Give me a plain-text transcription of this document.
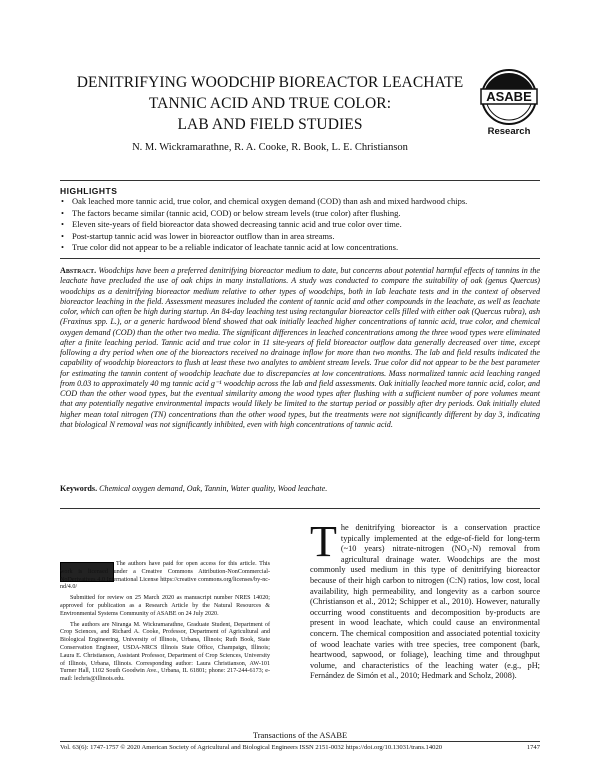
DENITRIFYING WOODCHIP BIOREACTOR LEACHATE
TANNIC ACID AND TRUE COLOR:
LAB AND FIELD STUDIES
ASABE
Research
N. M. Wickramarathne, R. A. Cooke, R. Book, L. E. Christianson
HIGHLIGHTS
• Oak leached more tannic acid, true color, and chemical oxygen demand (COD) than ash and mixed hardwood chips.
• The factors became similar (tannic acid, COD) or below stream levels (true color) after flushing.
• Eleven site-years of field bioreactor data showed decreasing tannic acid and true color over time.
• Post-startup tannic acid was lower in bioreactor outflow than in area streams.
• True color did not appear to be a reliable indicator of leachate tannic acid at low concentrations.
Abstract. Woodchips have been a preferred denitrifying bioreactor medium to date, but concerns about potential harmful effects of tannins in the leachate have precluded the use of oak chips in many installations. A study was conducted to compare the suitability of oak (genus Quercus) woodchips as a denitrifying bioreactor medium relative to other types of woodchips, both in lab leachate tests and in the context of observed bioreactor leaching in the field. Assessment measures included the content of tannic acid and other compounds in the leachate, as well as leachate color, which can often be high during startup. An 84-day leaching test using rectangular bioreactor cells filled with either oak (Quercus rubra), ash (Fraxinus spp. L.), or a generic hardwood blend showed that oak initially leached higher concentrations of tannic acid, true color, and chemical oxygen demand (COD) than the other two media. The significant differences in leached concentrations among the three wood types were eliminated after a finite leaching period. Tannic acid and true color in 11 site-years of field bioreactor outflow data generally decreased over time, except following a dry period when one of the bioreactors received no drainage inflow for more than two months. The lab and field results indicated the capability of woodchip bioreactors to flush at least these two analytes to ambient stream levels. True color did not appear to be the best parameter for estimating the tannin content of woodchip leachate due to discrepancies at low concentrations. Mass normalized tannic acid leaching ranged from 0.03 to approximately 40 mg tannic acid g⁻¹ woodchip across the lab and field assessments. Oak initially leached more tannic acid, color, and COD than the other wood types, but the eventual similarity among the wood types after flushing with a sufficient number of pore volumes meant that any potentially negative environmental impacts would likely be limited to the startup period or possibly after dry periods. Oak initially eluted higher mean total nitrogen (TN) concentrations than the other wood types, but the treatments were not significantly different by day 3, indicating that biological N removal was not significantly inhibited, even with high concentrations of tannic acid.
Keywords. Chemical oxygen demand, Oak, Tannin, Water quality, Wood leachate.

The authors have paid for open access for this article. This work is licensed under a Creative Commons Attribution-NonCommercial-NoDerivatives 4.0 International License https://creative commons.org/licenses/by-nc-nd/4.0/

Submitted for review on 25 March 2020 as manuscript number NRES 14020; approved for publication as a Research Article by the Natural Resources & Environmental Systems Community of ASABE on 24 July 2020.

The authors are Niranga M. Wickramarathne, Graduate Student, Department of Crop Sciences, and Richard A. Cooke, Professor, Department of Agricultural and Biological Engineering, University of Illinois, Urbana, Illinois; Ruth Book, State Conservation Engineer, USDA-NRCS Illinois State Office, Champaign, Illinois; Laura E. Christianson, Assistant Professor, Department of Crop Sciences, University of Illinois, Urbana, Illinois. Corresponding author: Laura Christianson, AW-101 Turner Hall, 1102 South Goodwin Ave., Urbana, IL 61801; phone: 217-244-6173; e-mail: lechris@illinois.edu.

The denitrifying bioreactor is a conservation practice typically implemented at the edge-of-field for long-term (~10 years) nitrate-nitrogen (NO₃-N) removal from agricultural drainage water. Woodchips are the most commonly used medium in this type of denitrifying bioreactor because of their high carbon to nitrogen (C:N) ratios, low cost, local availability, high permeability, and longevity as a carbon source (Christianson et al., 2012; Schipper et al., 2010). However, naturally occurring wood constituents and decomposition by-products are present in wood leachate, which could cause an environmental concern. The chemical composition and associated potential toxicity of wood leachate varies with tree species, tree component (bark, heartwood, sapwood, or foliage), leaching time and throughput volume, and characteristics of the leaching water (e.g., pH; Fernández de Simón et al., 2010; Hedmark and Scholz, 2008).
Transactions of the ASABE
Vol. 63(6): 1747-1757 © 2020 American Society of Agricultural and Biological Engineers ISSN 2151-0032 https://doi.org/10.13031/trans.14020	1747
